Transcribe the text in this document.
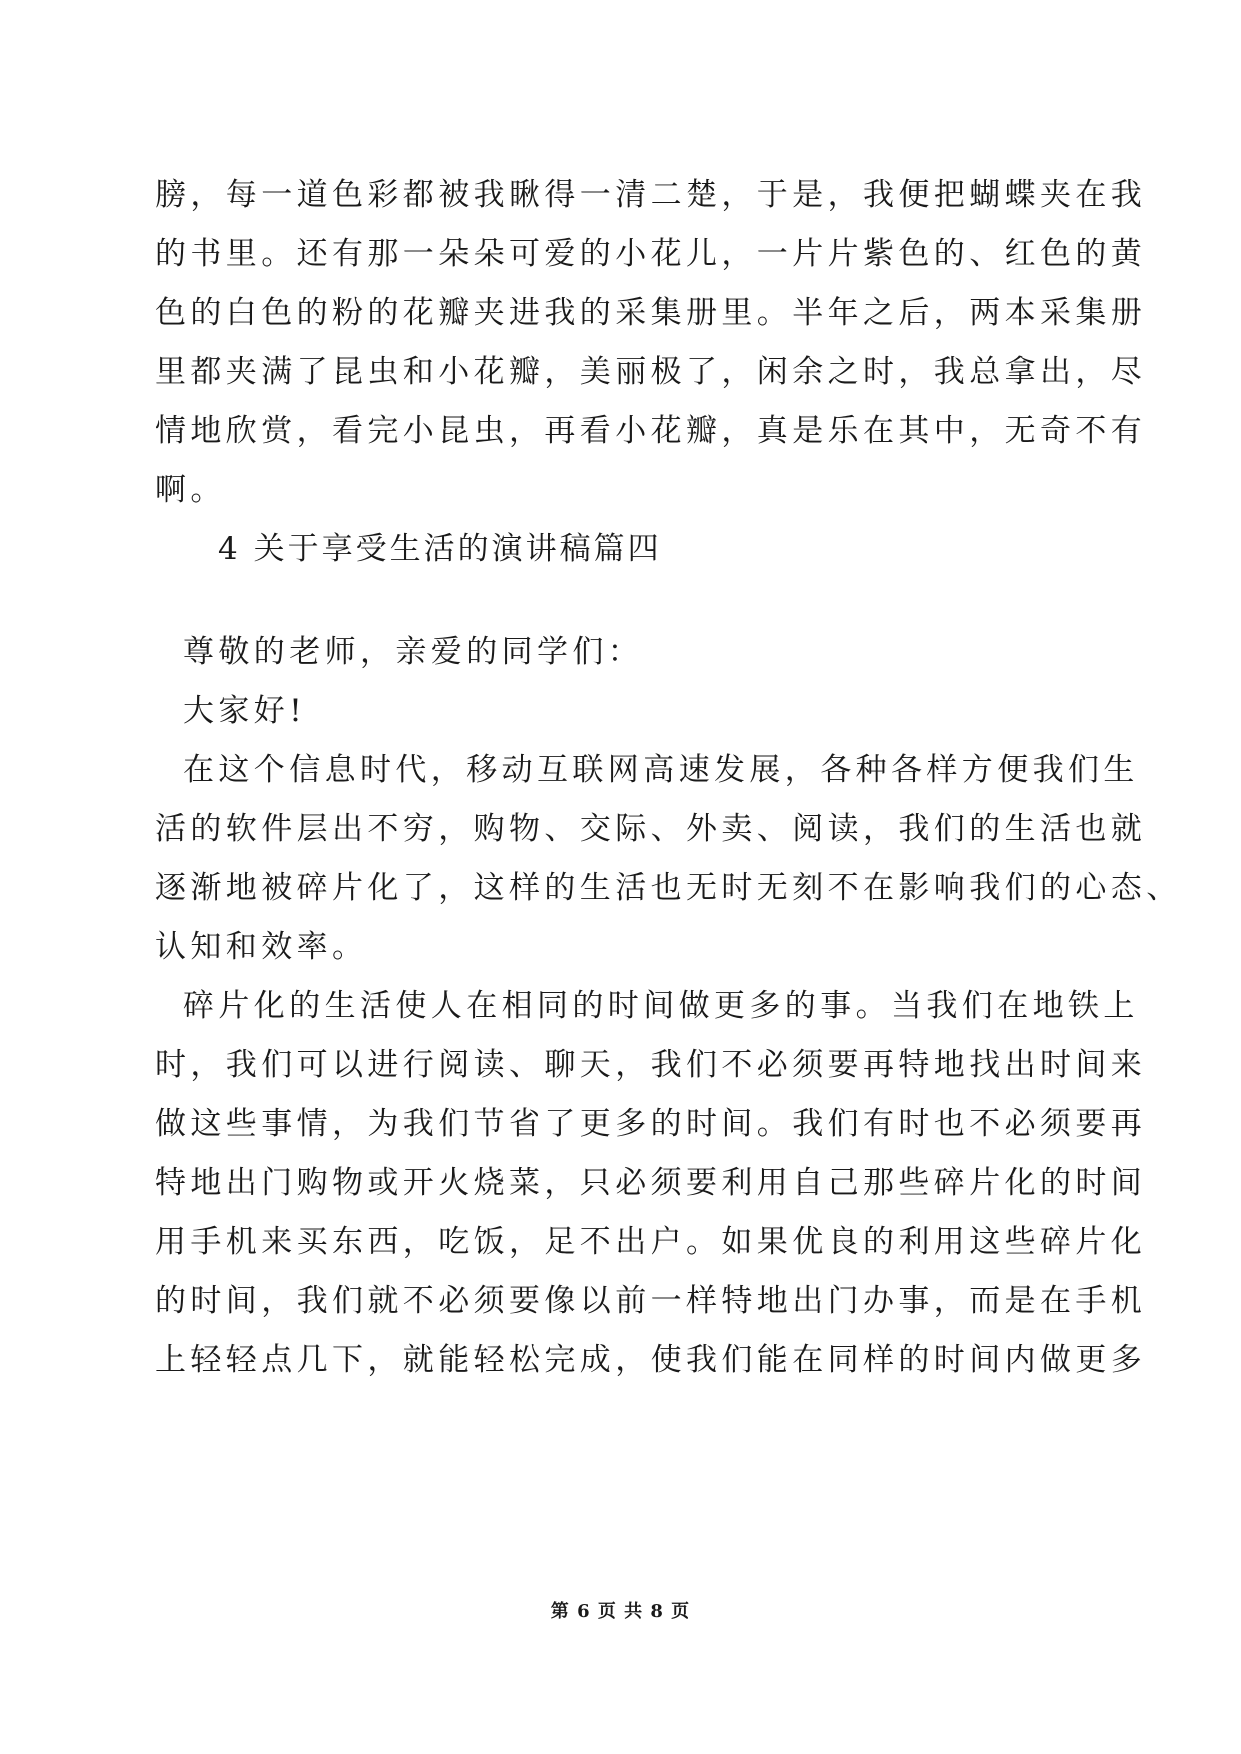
膀，每一道色彩都被我瞅得一清二楚，于是，我便把蝴蝶夹在我
的书里。还有那一朵朵可爱的小花儿，一片片紫色的、红色的黄
色的白色的粉的花瓣夹进我的采集册里。半年之后，两本采集册
里都夹满了昆虫和小花瓣，美丽极了，闲余之时，我总拿出，尽
情地欣赏，看完小昆虫，再看小花瓣，真是乐在其中，无奇不有
啊。
4 关于享受生活的演讲稿篇四
尊敬的老师，亲爱的同学们：
大家好!
在这个信息时代，移动互联网高速发展，各种各样方便我们生
活的软件层出不穷，购物、交际、外卖、阅读，我们的生活也就
逐渐地被碎片化了，这样的生活也无时无刻不在影响我们的心态、
认知和效率。
碎片化的生活使人在相同的时间做更多的事。当我们在地铁上
时，我们可以进行阅读、聊天，我们不必须要再特地找出时间来
做这些事情，为我们节省了更多的时间。我们有时也不必须要再
特地出门购物或开火烧菜，只必须要利用自己那些碎片化的时间
用手机来买东西，吃饭，足不出户。如果优良的利用这些碎片化
的时间，我们就不必须要像以前一样特地出门办事，而是在手机
上轻轻点几下，就能轻松完成，使我们能在同样的时间内做更多
第 6 页 共 8 页
